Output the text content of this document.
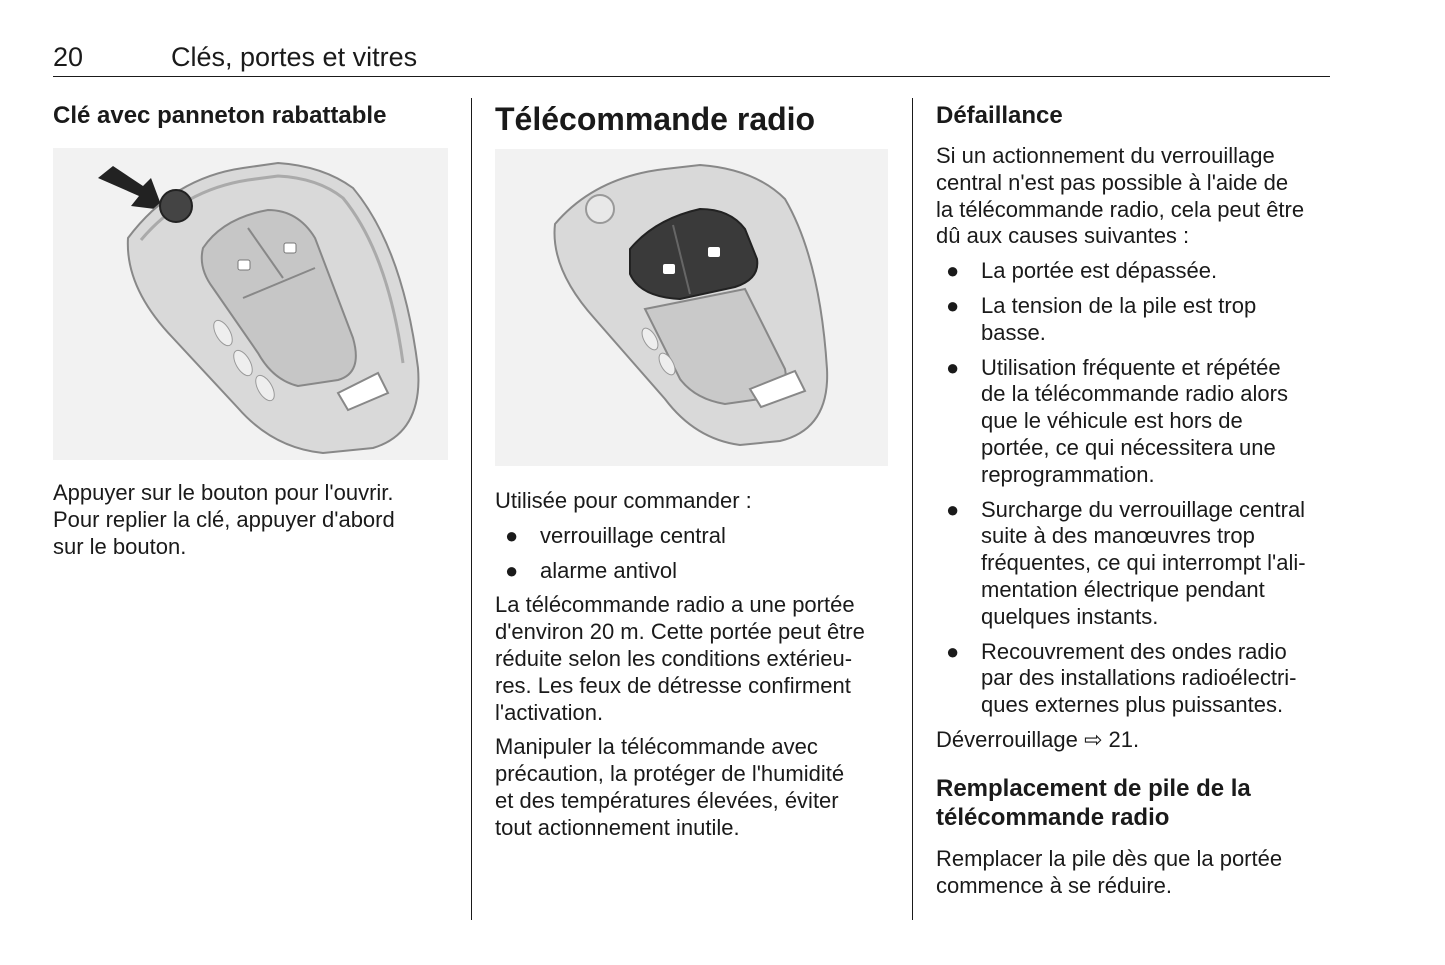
20	Clés, portes et vitres
Clé avec panneton rabattable

Appuyer sur le bouton pour l'ouvrir.
Pour replier la clé, appuyer d'abord
sur le bouton.

Télécommande radio

Utilisée pour commander :

● verrouillage central
● alarme antivol

La télécommande radio a une portée
d'environ 20 m. Cette portée peut être
réduite selon les conditions extérieu‐
res. Les feux de détresse confirment
l'activation.

Manipuler la télécommande avec
précaution, la protéger de l'humidité
et des températures élevées, éviter
tout actionnement inutile.

Défaillance

Si un actionnement du verrouillage
central n'est pas possible à l'aide de
la télécommande radio, cela peut être
dû aux causes suivantes :

● La portée est dépassée.
● La tension de la pile est trop
basse.
● Utilisation fréquente et répétée
de la télécommande radio alors
que le véhicule est hors de
portée, ce qui nécessitera une
reprogrammation.
● Surcharge du verrouillage central
suite à des manœuvres trop
fréquentes, ce qui interrompt l'ali‐
mentation électrique pendant
quelques instants.
● Recouvrement des ondes radio
par des installations radioélectri‐
ques externes plus puissantes.

Déverrouillage ⇨ 21.

Remplacement de pile de la
télécommande radio

Remplacer la pile dès que la portée
commence à se réduire.
